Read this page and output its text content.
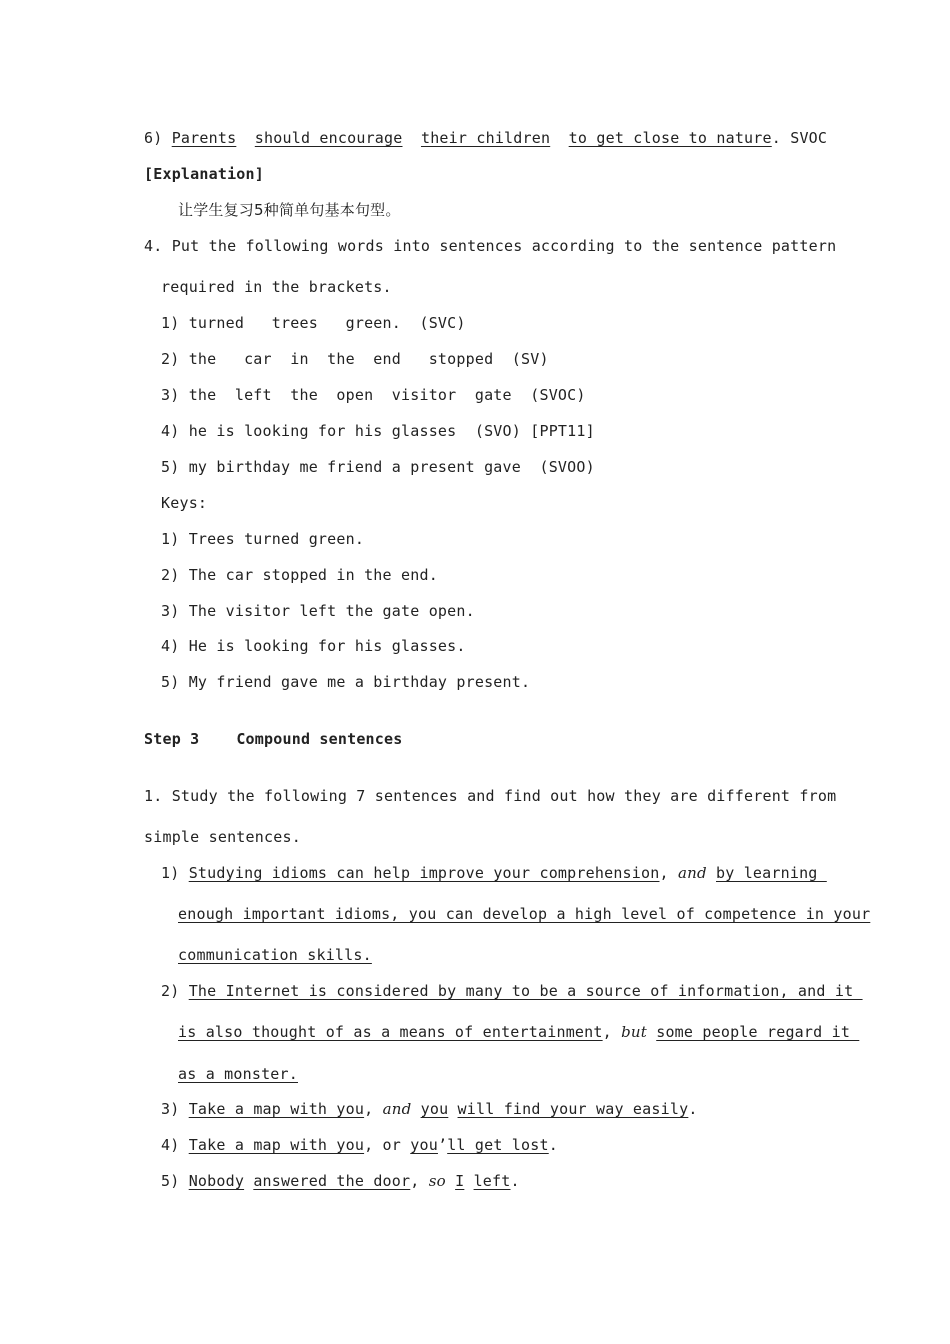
6) Parents should encourage their children to get close to nature. SVOC
[Explanation]
让学生复习5种简单句基本句型。
4. Put the following words into sentences according to the sentence pattern
required in the brackets.
1) turned   trees   green.  (SVC)
2) the   car  in  the  end   stopped  (SV)
3) the  left  the  open  visitor  gate  (SVOC)
4) he is looking for his glasses  (SVO) [PPT11]
5) my birthday me friend a present gave  (SVOO)
Keys:
1) Trees turned green.
2) The car stopped in the end.
3) The visitor left the gate open.
4) He is looking for his glasses.
5) My friend gave me a birthday present.
Step 3 Compound sentences
1. Study the following 7 sentences and find out how they are different from
simple sentences.
1) Studying idioms can help improve your comprehension, and by learning
enough important idioms, you can develop a high level of competence in your
communication skills.
2) The Internet is considered by many to be a source of information, and it
is also thought of as a means of entertainment, but some people regard it
as a monster.
3) Take a map with you, and you will find your way easily.
4) Take a map with you, or you’ll get lost.
5) Nobody answered the door, so I left.
